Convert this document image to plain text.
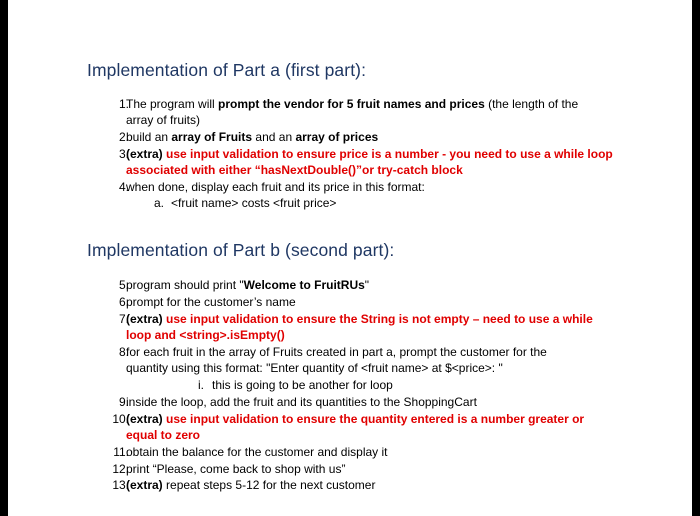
Implementation of Part a (first part):
1.
The program will prompt the vendor for 5 fruit names and prices (the length of the
array of fruits)
2.
build an array of Fruits and an array of prices
3.
(extra) use input validation to ensure price is a number - you need to use a while loop
associated with either “hasNextDouble()”or try-catch block
4.
when done, display each fruit and its price in this format:
a. <fruit name> costs <fruit price>
Implementation of Part b (second part):
5.
program should print "Welcome to FruitRUs"
6.
prompt for the customer’s name
7.
(extra) use input validation to ensure the String is not empty – need to use a while
loop and <string>.isEmpty()
8.
for each fruit in the array of Fruits created in part a, prompt the customer for the
quantity using this format: "Enter quantity of <fruit name> at $<price>: "
i. this is going to be another for loop
9.
inside the loop, add the fruit and its quantities to the ShoppingCart
10.
(extra) use input validation to ensure the quantity entered is a number greater or
equal to zero
11.
obtain the balance for the customer and display it
12.
print “Please, come back to shop with us”
13.
(extra) repeat steps 5-12 for the next customer
